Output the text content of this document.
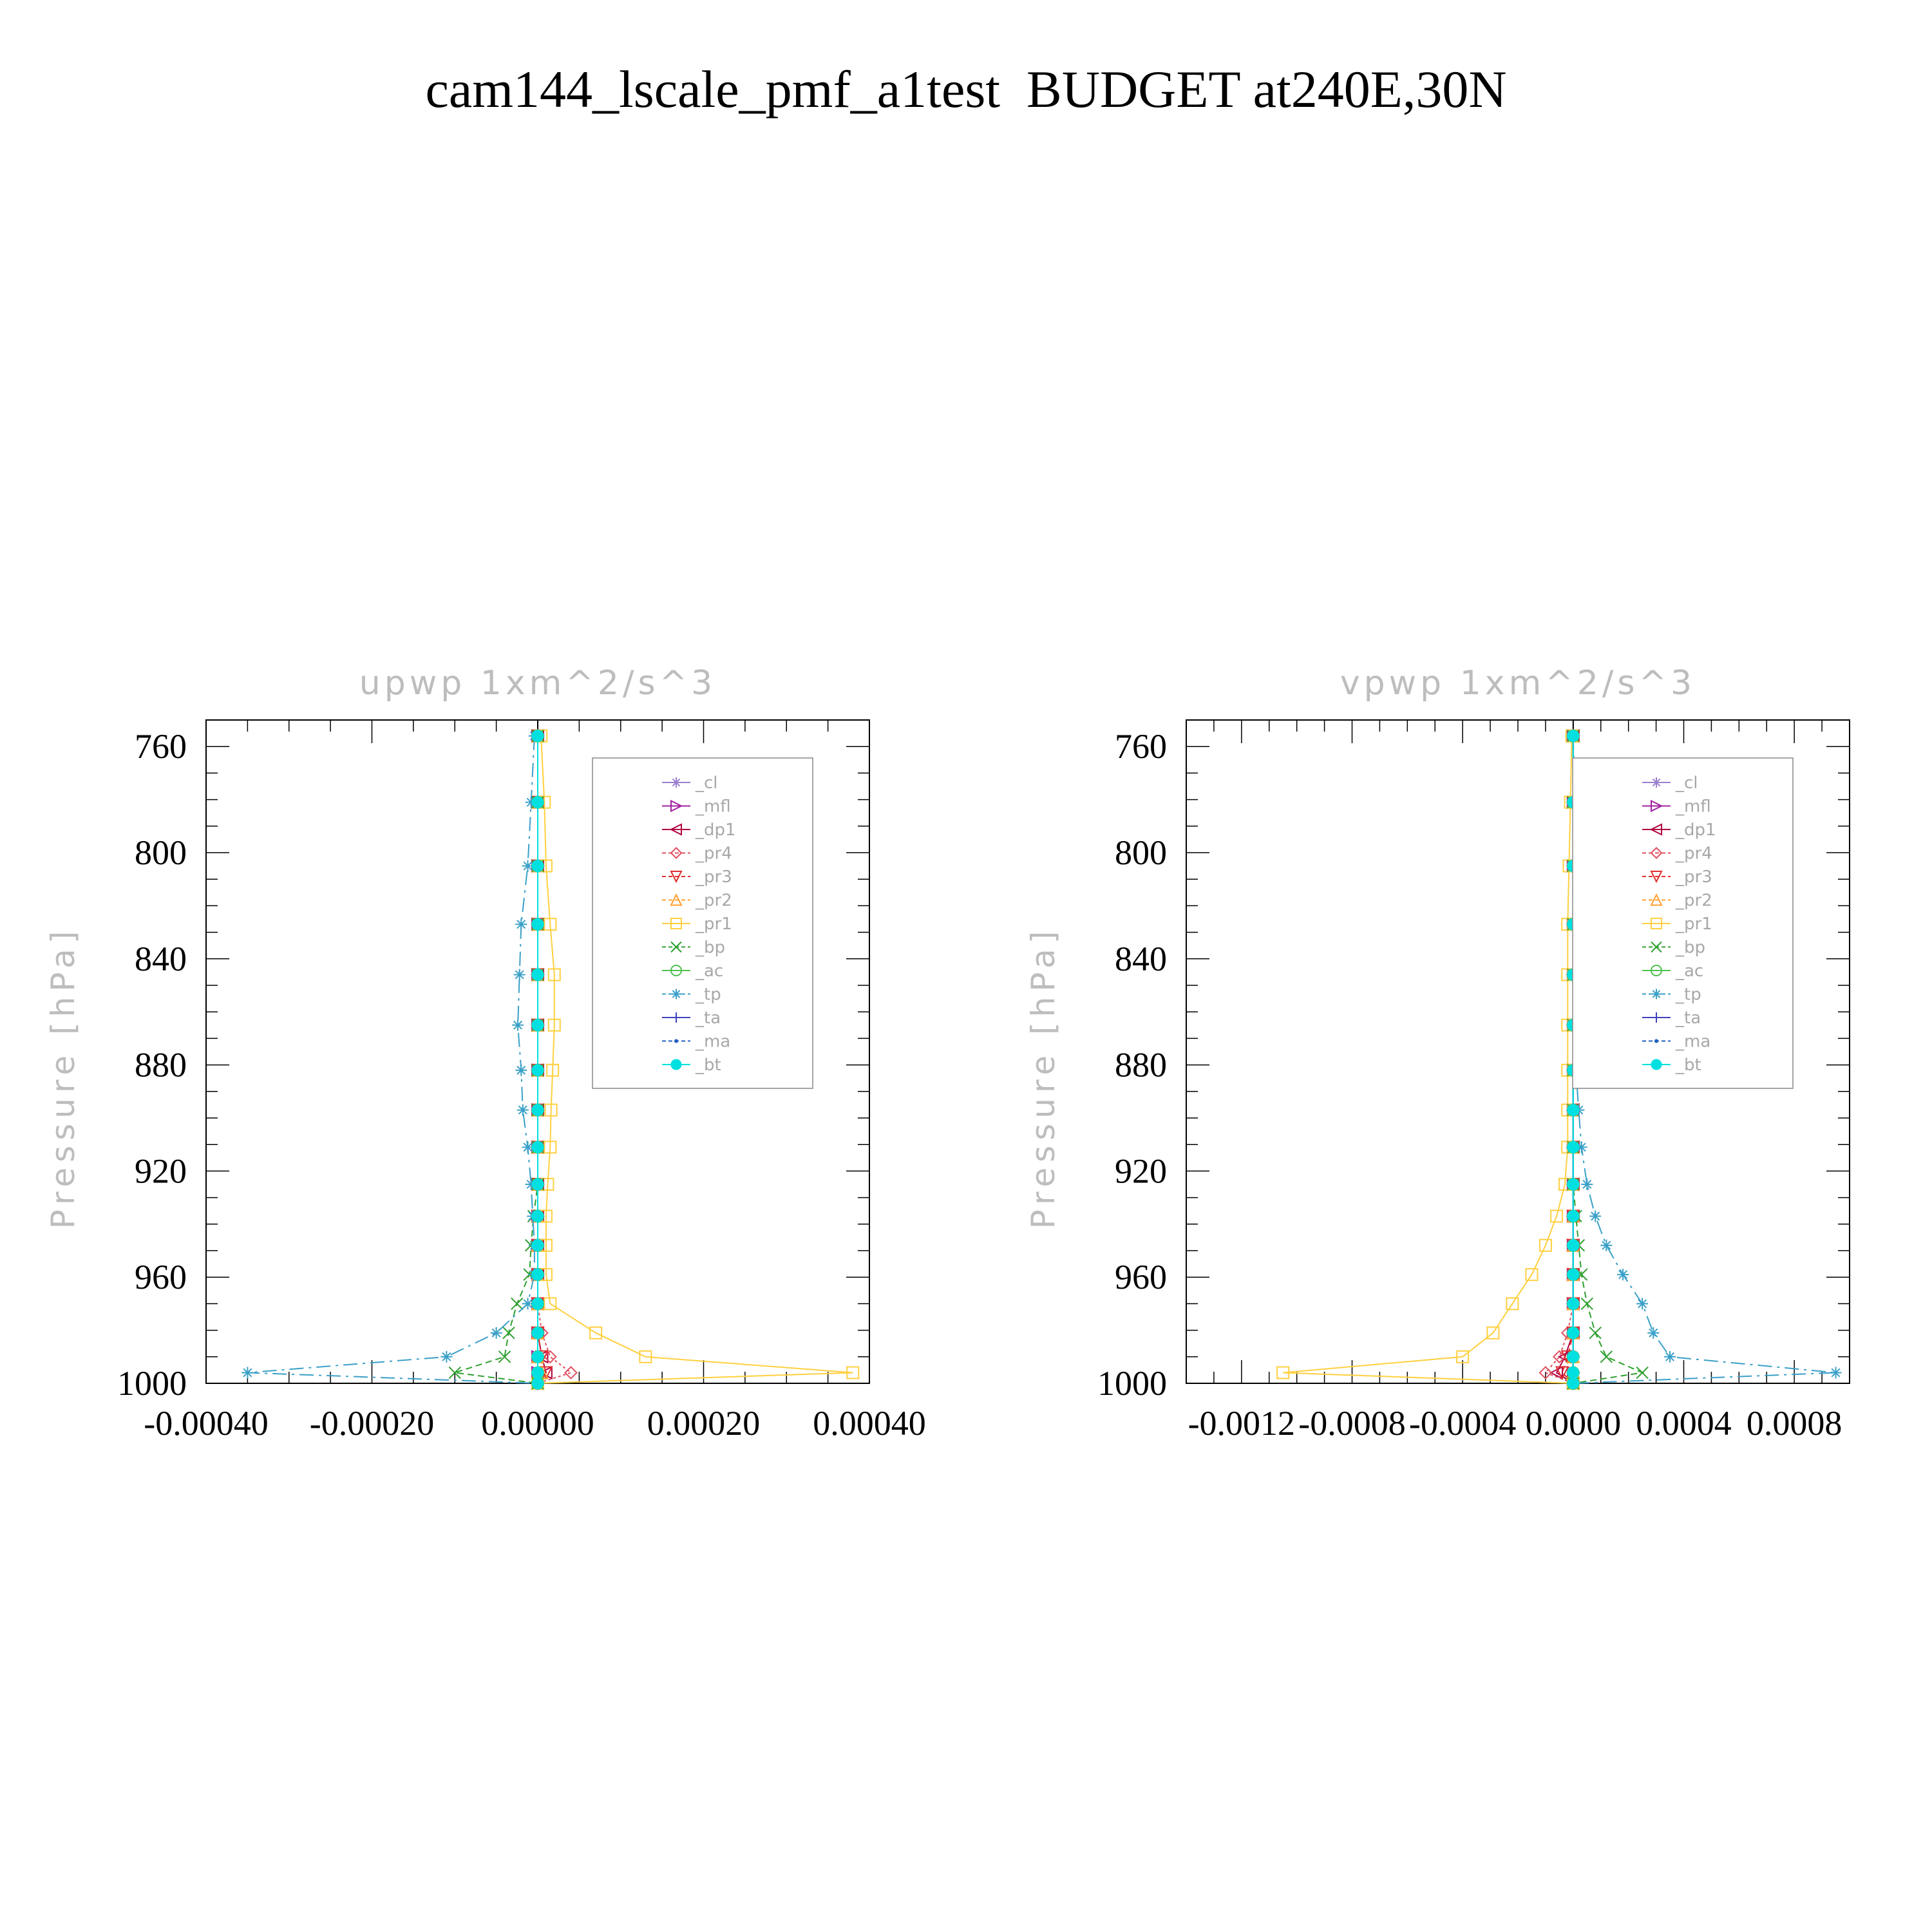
cam144_lscale_pmf_a1test  BUDGET at240E,30N
upwp 1xm^2/s^3
Pressure [hPa]
760
800
840
880
920
960
1000
-0.00040 -0.00020 0.00000 0.00020 0.00040
_cl
_mfl
_dp1
_pr4
_pr3
_pr2
_pr1
_bp
_ac
_tp
_ta
_ma
_bt
vpwp 1xm^2/s^3
Pressure [hPa]
760
800
840
880
920
960
1000
-0.0012 -0.0008 -0.0004 0.0000 0.0004 0.0008
_cl
_mfl
_dp1
_pr4
_pr3
_pr2
_pr1
_bp
_ac
_tp
_ta
_ma
_bt
